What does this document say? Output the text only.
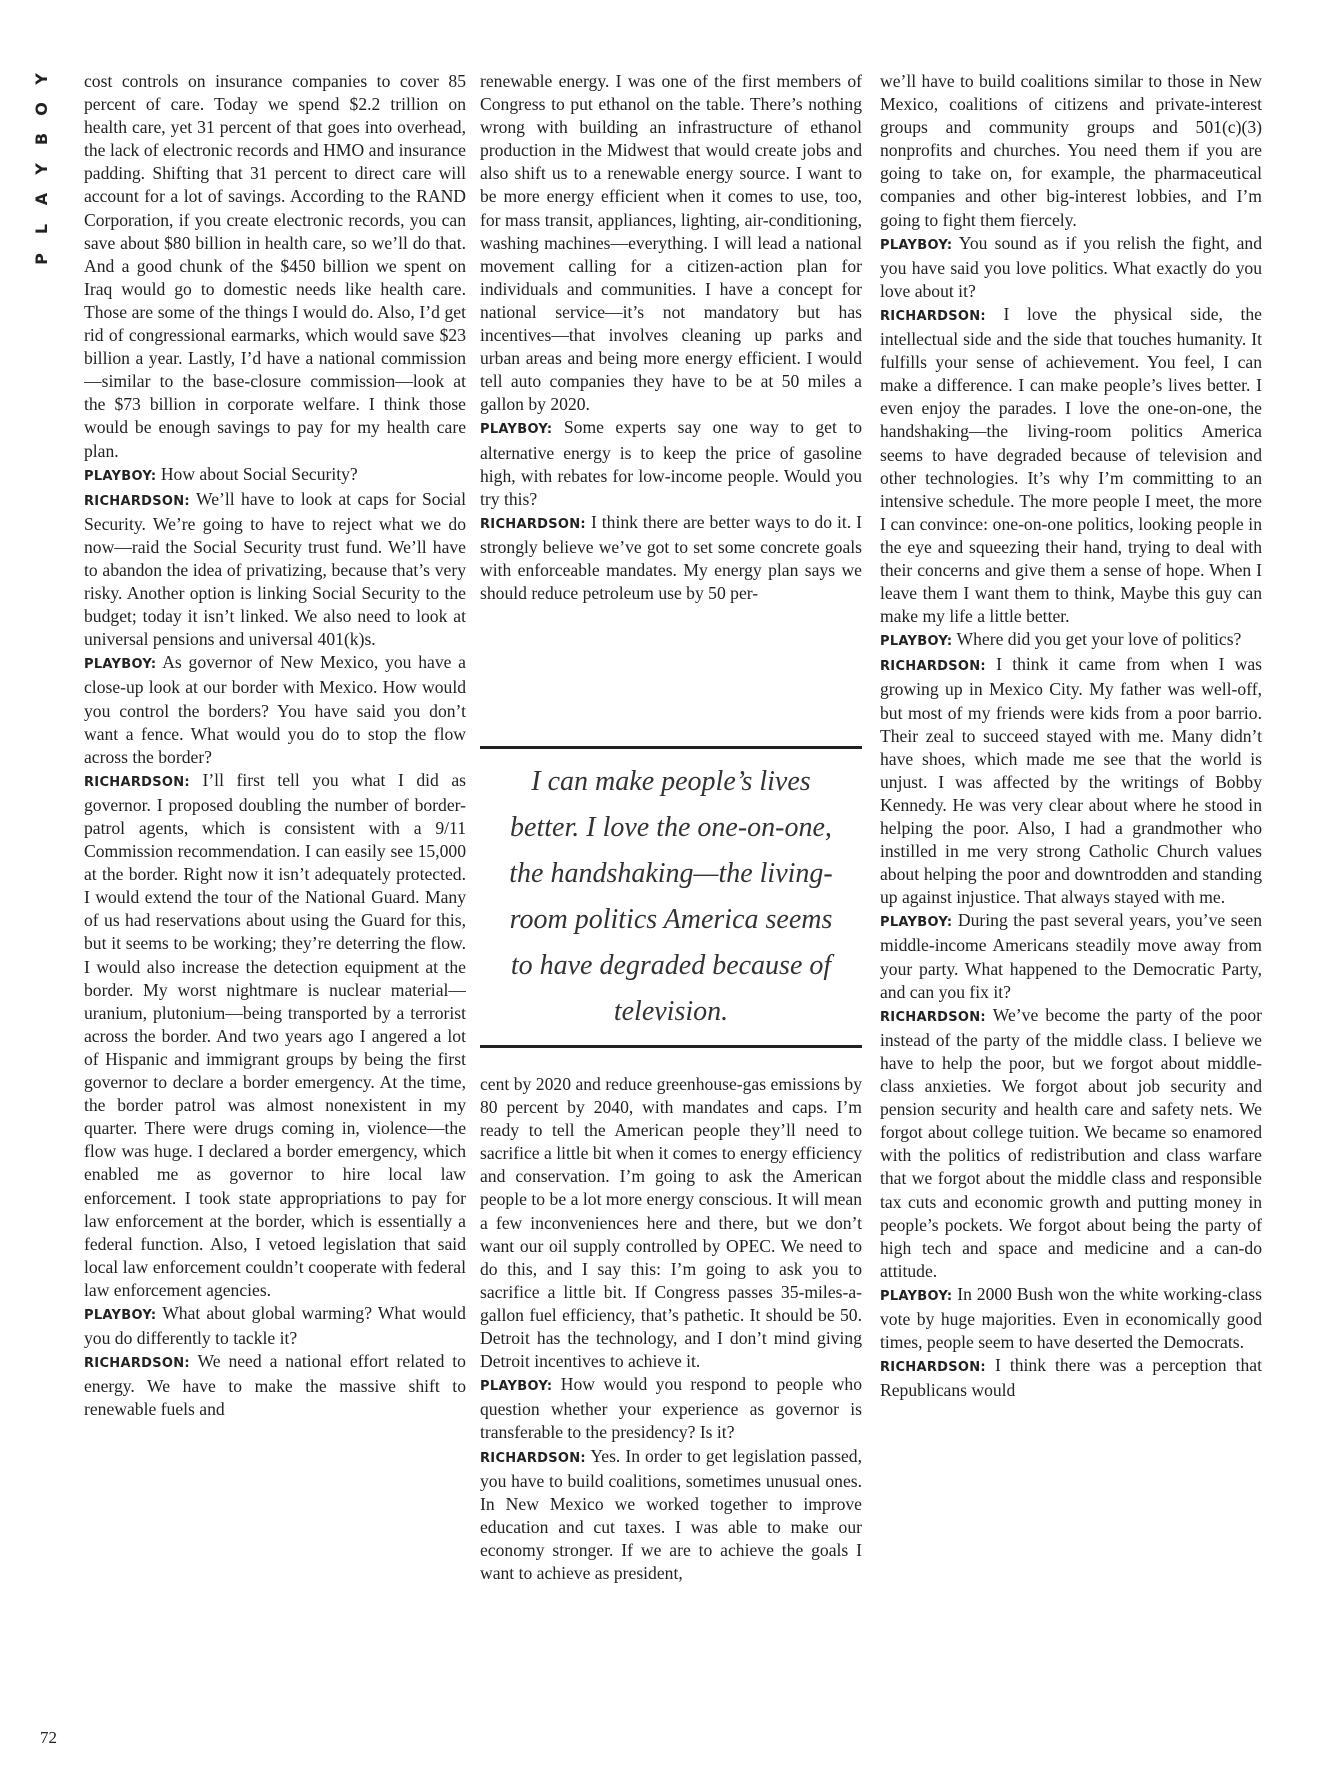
Y
O
B
Y
A
L
P

cost controls on insurance companies to cover 85 percent of care. Today we spend $2.2 trillion on health care, yet 31 percent of that goes into overhead, the lack of electronic records and HMO and insurance padding. Shifting that 31 percent to direct care will account for a lot of savings. According to the RAND Corporation, if you create electronic records, you can save about $80 billion in health care, so we’ll do that. And a good chunk of the $450 billion we spent on Iraq would go to domestic needs like health care. Those are some of the things I would do. Also, I’d get rid of congressional earmarks, which would save $23 billion a year. Lastly, I’d have a national commission—similar to the base-closure commission—look at the $73 billion in corporate welfare. I think those would be enough savings to pay for my health care plan.

PLAYBOY: How about Social Security?

RICHARDSON: We’ll have to look at caps for Social Security. We’re going to have to reject what we do now—raid the Social Security trust fund. We’ll have to abandon the idea of privatizing, because that’s very risky. Another option is linking Social Security to the budget; today it isn’t linked. We also need to look at universal pensions and universal 401(k)s.

PLAYBOY: As governor of New Mexico, you have a close-up look at our border with Mexico. How would you control the borders? You have said you don’t want a fence. What would you do to stop the flow across the border?

RICHARDSON: I’ll first tell you what I did as governor. I proposed doubling the number of border-patrol agents, which is consistent with a 9/11 Commission recommendation. I can easily see 15,000 at the border. Right now it isn’t adequately protected. I would extend the tour of the National Guard. Many of us had reservations about using the Guard for this, but it seems to be working; they’re deterring the flow. I would also increase the detection equipment at the border. My worst nightmare is nuclear material—uranium, plutonium—being transported by a terrorist across the border. And two years ago I angered a lot of Hispanic and immigrant groups by being the first governor to declare a border emergency. At the time, the border patrol was almost nonexistent in my quarter. There were drugs coming in, violence—the flow was huge. I declared a border emergency, which enabled me as governor to hire local law enforcement. I took state appropriations to pay for law enforcement at the border, which is essentially a federal function. Also, I vetoed legislation that said local law enforcement couldn’t cooperate with federal law enforcement agencies.

PLAYBOY: What about global warming? What would you do differently to tackle it?

RICHARDSON: We need a national effort related to energy. We have to make the massive shift to renewable fuels and

renewable energy. I was one of the first members of Congress to put ethanol on the table. There’s nothing wrong with building an infrastructure of ethanol production in the Midwest that would create jobs and also shift us to a renewable energy source. I want to be more energy efficient when it comes to use, too, for mass transit, appliances, lighting, air-conditioning, washing machines—everything. I will lead a national movement calling for a citizen-action plan for individuals and communities. I have a concept for national service—it’s not mandatory but has incentives—that involves cleaning up parks and urban areas and being more energy efficient. I would tell auto companies they have to be at 50 miles a gallon by 2020.

PLAYBOY: Some experts say one way to get to alternative energy is to keep the price of gasoline high, with rebates for low-income people. Would you try this?

RICHARDSON: I think there are better ways to do it. I strongly believe we’ve got to set some concrete goals with enforceable mandates. My energy plan says we should reduce petroleum use by 50 per-

I can make people’s lives better. I love the one-on-one, the handshaking—the living-room politics America seems to have degraded because of television.

cent by 2020 and reduce greenhouse-gas emissions by 80 percent by 2040, with mandates and caps. I’m ready to tell the American people they’ll need to sacrifice a little bit when it comes to energy efficiency and conservation. I’m going to ask the American people to be a lot more energy conscious. It will mean a few inconveniences here and there, but we don’t want our oil supply controlled by OPEC. We need to do this, and I say this: I’m going to ask you to sacrifice a little bit. If Congress passes 35-miles-a-gallon fuel efficiency, that’s pathetic. It should be 50. Detroit has the technology, and I don’t mind giving Detroit incentives to achieve it.

PLAYBOY: How would you respond to people who question whether your experience as governor is transferable to the presidency? Is it?

RICHARDSON: Yes. In order to get legislation passed, you have to build coalitions, sometimes unusual ones. In New Mexico we worked together to improve education and cut taxes. I was able to make our economy stronger. If we are to achieve the goals I want to achieve as president,

we’ll have to build coalitions similar to those in New Mexico, coalitions of citizens and private-interest groups and community groups and 501(c)(3) nonprofits and churches. You need them if you are going to take on, for example, the pharmaceutical companies and other big-interest lobbies, and I’m going to fight them fiercely.

PLAYBOY: You sound as if you relish the fight, and you have said you love politics. What exactly do you love about it?

RICHARDSON: I love the physical side, the intellectual side and the side that touches humanity. It fulfills your sense of achievement. You feel, I can make a difference. I can make people’s lives better. I even enjoy the parades. I love the one-on-one, the handshaking—the living-room politics America seems to have degraded because of television and other technologies. It’s why I’m committing to an intensive schedule. The more people I meet, the more I can convince: one-on-one politics, looking people in the eye and squeezing their hand, trying to deal with their concerns and give them a sense of hope. When I leave them I want them to think, Maybe this guy can make my life a little better.

PLAYBOY: Where did you get your love of politics?

RICHARDSON: I think it came from when I was growing up in Mexico City. My father was well-off, but most of my friends were kids from a poor barrio. Their zeal to succeed stayed with me. Many didn’t have shoes, which made me see that the world is unjust. I was affected by the writings of Bobby Kennedy. He was very clear about where he stood in helping the poor. Also, I had a grandmother who instilled in me very strong Catholic Church values about helping the poor and downtrodden and standing up against injustice. That always stayed with me.

PLAYBOY: During the past several years, you’ve seen middle-income Americans steadily move away from your party. What happened to the Democratic Party, and can you fix it?

RICHARDSON: We’ve become the party of the poor instead of the party of the middle class. I believe we have to help the poor, but we forgot about middle-class anxieties. We forgot about job security and pension security and health care and safety nets. We forgot about college tuition. We became so enamored with the politics of redistribution and class warfare that we forgot about the middle class and responsible tax cuts and economic growth and putting money in people’s pockets. We forgot about being the party of high tech and space and medicine and a can-do attitude.

PLAYBOY: In 2000 Bush won the white working-class vote by huge majorities. Even in economically good times, people seem to have deserted the Democrats.

RICHARDSON: I think there was a perception that Republicans would

72
